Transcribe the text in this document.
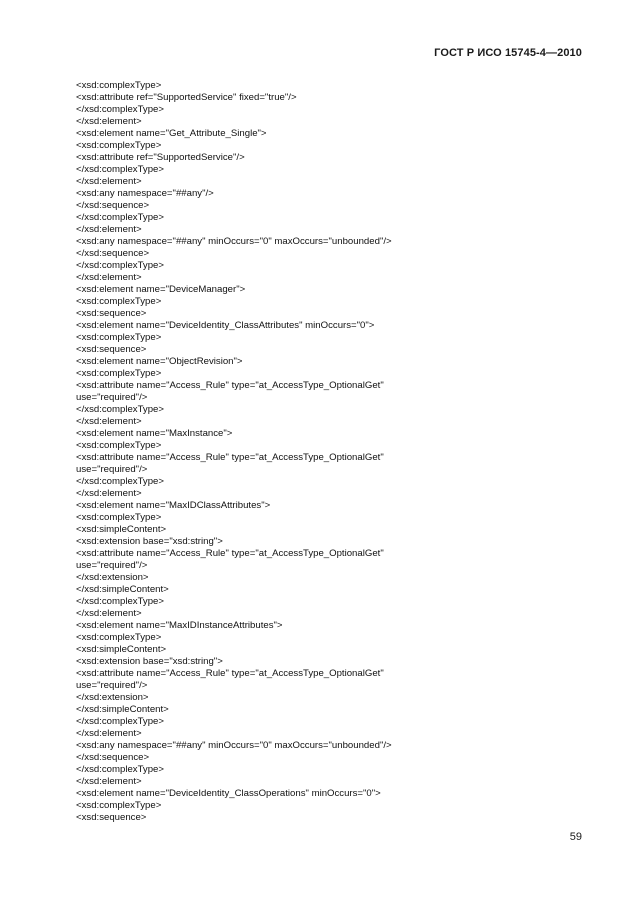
ГОСТ Р ИСО 15745-4—2010
<xsd:complexType>
<xsd:attribute ref="SupportedService" fixed="true"/>
</xsd:complexType>
</xsd:element>
<xsd:element name="Get_Attribute_Single">
<xsd:complexType>
<xsd:attribute ref="SupportedService"/>
</xsd:complexType>
</xsd:element>
<xsd:any namespace="##any"/>
</xsd:sequence>
</xsd:complexType>
</xsd:element>
<xsd:any namespace="##any" minOccurs="0" maxOccurs="unbounded"/>
</xsd:sequence>
</xsd:complexType>
</xsd:element>
<xsd:element name="DeviceManager">
<xsd:complexType>
<xsd:sequence>
<xsd:element name="DeviceIdentity_ClassAttributes" minOccurs="0">
<xsd:complexType>
<xsd:sequence>
<xsd:element name="ObjectRevision">
<xsd:complexType>
<xsd:attribute name="Access_Rule" type="at_AccessType_OptionalGet"
use="required"/>
</xsd:complexType>
</xsd:element>
<xsd:element name="MaxInstance">
<xsd:complexType>
<xsd:attribute name="Access_Rule" type="at_AccessType_OptionalGet"
use="required"/>
</xsd:complexType>
</xsd:element>
<xsd:element name="MaxIDClassAttributes">
<xsd:complexType>
<xsd:simpleContent>
<xsd:extension base="xsd:string">
<xsd:attribute name="Access_Rule" type="at_AccessType_OptionalGet"
use="required"/>
</xsd:extension>
</xsd:simpleContent>
</xsd:complexType>
</xsd:element>
<xsd:element name="MaxIDInstanceAttributes">
<xsd:complexType>
<xsd:simpleContent>
<xsd:extension base="xsd:string">
<xsd:attribute name="Access_Rule" type="at_AccessType_OptionalGet"
use="required"/>
</xsd:extension>
</xsd:simpleContent>
</xsd:complexType>
</xsd:element>
<xsd:any namespace="##any" minOccurs="0" maxOccurs="unbounded"/>
</xsd:sequence>
</xsd:complexType>
</xsd:element>
<xsd:element name="DeviceIdentity_ClassOperations" minOccurs="0">
<xsd:complexType>
<xsd:sequence>
59
